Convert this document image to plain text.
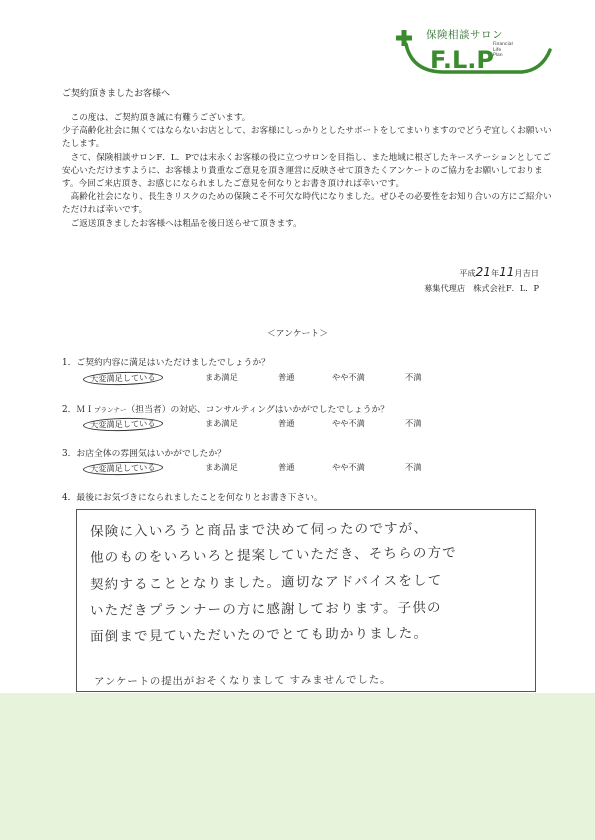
保険相談サロン
F.L.P
Financial
Life
Plan
ご契約頂きましたお客様へ

この度は、ご契約頂き誠に有難うございます。

少子高齢化社会に無くてはならないお店として、お客様にしっかりとしたサポートをしてまいりますのでどうぞ宜しくお願いいたします。

さて、保険相談サロンF．L．Pでは末永くお客様の役に立つサロンを目指し、また地域に根ざしたキーステーションとしてご安心いただけますように、お客様より貴重なご意見を頂き運営に反映させて頂きたくアンケートのご協力をお願いしております。今回ご来店頂き、お感じになられましたご意見を何なりとお書き頂ければ幸いです。

高齢化社会になり、長生きリスクのための保険こそ不可欠な時代になりました。ぜひその必要性をお知り合いの方にご紹介いただければ幸いです。

ご返送頂きましたお客様へは粗品を後日送らせて頂きます。

平成21年11月吉日
募集代理店　株式会社F．L．P
＜アンケート＞
1．ご契約内容に満足はいただけましたでしょうか？
大変満足している	まあ満足	普通	やや不満	不満
2．ＭＩプランナー（担当者）の対応、コンサルティングはいかがでしたでしょうか？
大変満足している	まあ満足	普通	やや不満	不満
3．お店全体の雰囲気はいかがでしたか？
大変満足している	まあ満足	普通	やや不満	不満
4．最後にお気づきになられましたことを何なりとお書き下さい。
保険に入いろうと商品まで決めて伺ったのですが、
他のものをいろいろと提案していただき、そちらの方で
契約することとなりました。適切なアドバイスをして
いただきプランナーの方に感謝しております。子供の
面倒まで見ていただいたのでとても助かりました。
アンケートの提出がおそくなりまして すみませんでした。
